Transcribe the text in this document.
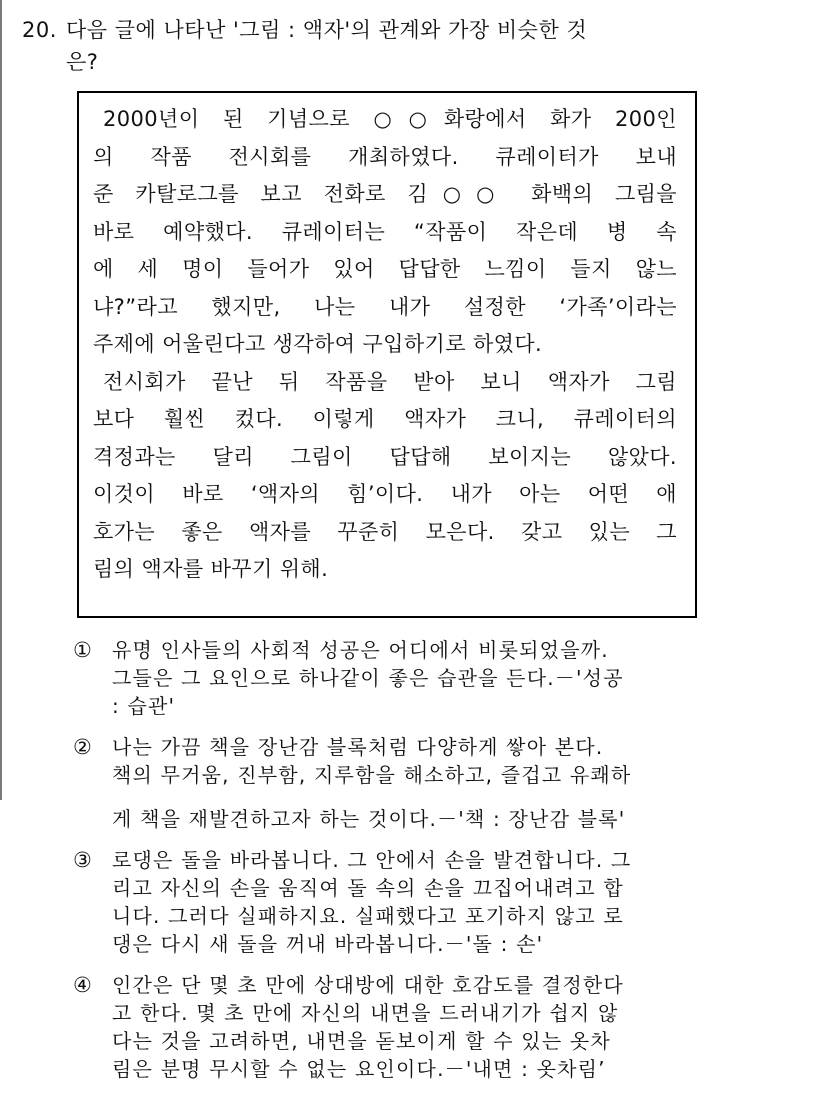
20. 다음 글에 나타난 '그림 : 액자'의 관계와 가장 비슷한 것
은?
2000년이 된 기념으로 ○○화랑에서 화가 200인
의 작품 전시회를 개최하였다. 큐레이터가 보내
준 카탈로그를 보고 전화로 김○○ 화백의 그림을
바로 예약했다. 큐레이터는 “작품이 작은데 병 속
에 세 명이 들어가 있어 답답한 느낌이 들지 않느
냐?”라고 했지만, 나는 내가 설정한 ‘가족’이라는
주제에 어울린다고 생각하여 구입하기로 하였다.
전시회가 끝난 뒤 작품을 받아 보니 액자가 그림
보다 훨씬 컸다. 이렇게 액자가 크니, 큐레이터의
격정과는 달리 그림이 답답해 보이지는 않았다.
이것이 바로 ‘액자의 힘’이다. 내가 아는 어떤 애
호가는 좋은 액자를 꾸준히 모은다. 갖고 있는 그
림의 액자를 바꾸기 위해.
① 유명 인사들의 사회적 성공은 어디에서 비롯되었을까.
그들은 그 요인으로 하나같이 좋은 습관을 든다.－'성공
: 습관'
② 나는 가끔 책을 장난감 블록처럼 다양하게 쌓아 본다.
책의 무거움, 진부함, 지루함을 해소하고, 즐겁고 유쾌하
게 책을 재발견하고자 하는 것이다.－'책 : 장난감 블록'
③ 로댕은 돌을 바라봅니다. 그 안에서 손을 발견합니다. 그
리고 자신의 손을 움직여 돌 속의 손을 끄집어내려고 합
니다. 그러다 실패하지요. 실패했다고 포기하지 않고 로
댕은 다시 새 돌을 꺼내 바라봅니다.－'돌 : 손'
④ 인간은 단 몇 초 만에 상대방에 대한 호감도를 결정한다
고 한다. 몇 초 만에 자신의 내면을 드러내기가 쉽지 않
다는 것을 고려하면, 내면을 돋보이게 할 수 있는 옷차
림은 분명 무시할 수 없는 요인이다.－'내면 : 옷차림’
